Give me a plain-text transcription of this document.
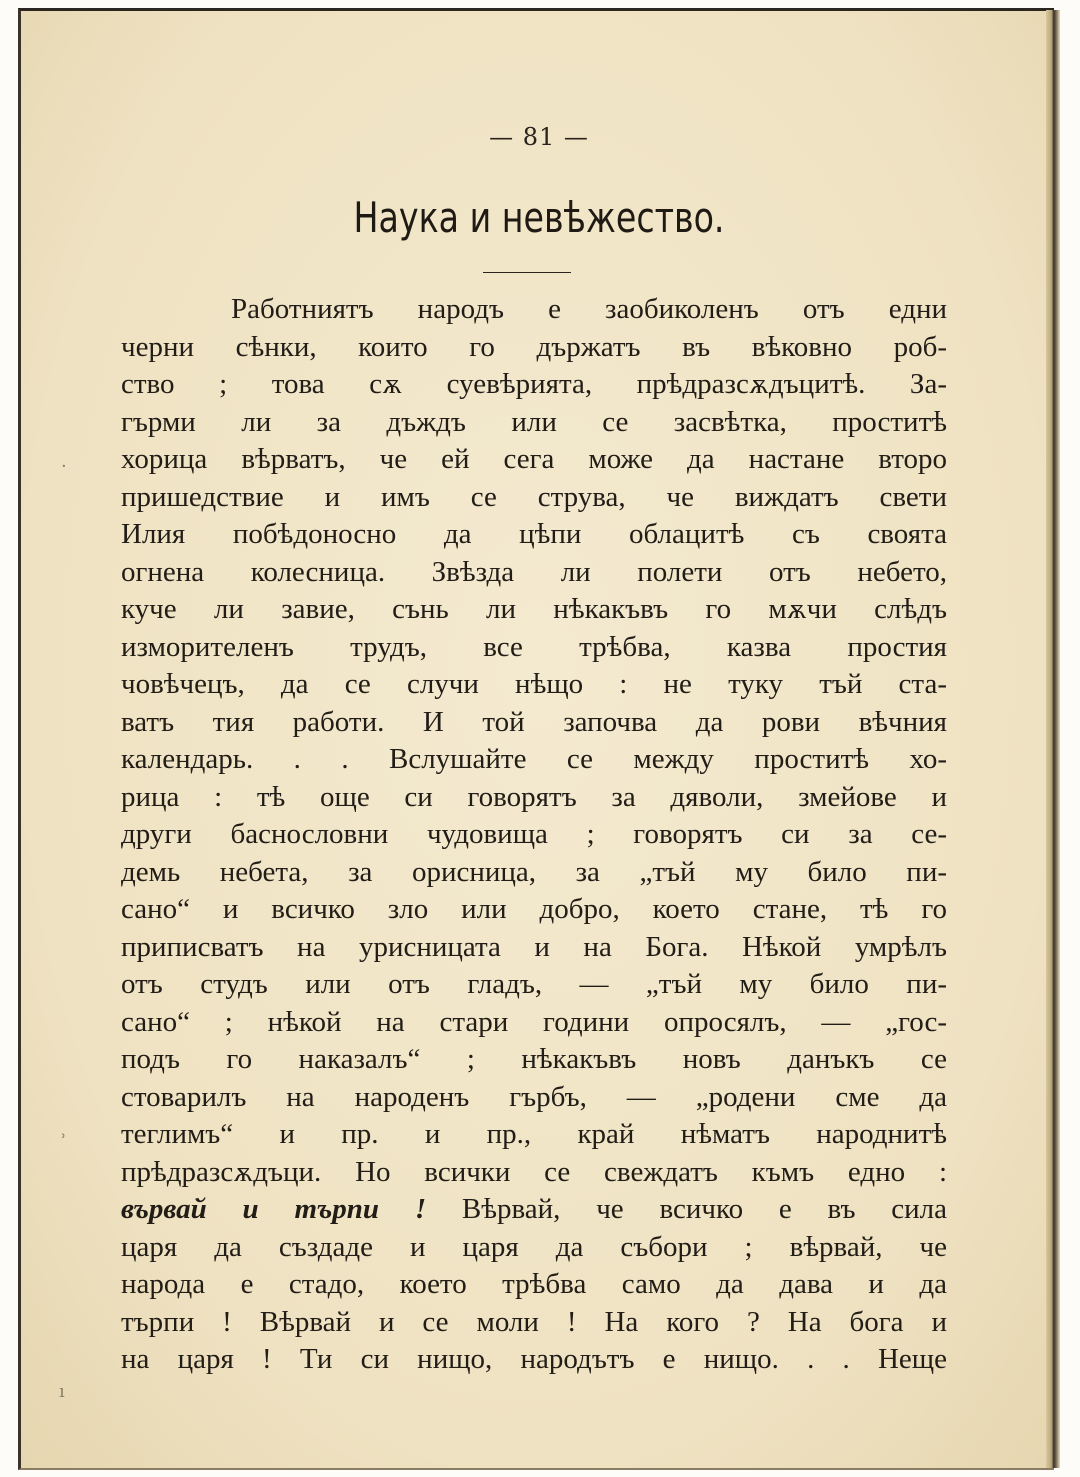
— 81 —
Наука и невѣжество.
Работниятъ народъ е заобиколенъ отъ едни
черни сѣнки, които го държатъ въ вѣковно роб-
ство ; това сѫ суевѣрията, прѣдразсѫдъцитѣ. За-
гърми ли за дъждъ или се засвѣтка, проститѣ
хорица вѣрватъ, че ей сега може да настане второ
пришедствие и имъ се струва, че виждатъ свети
Илия побѣдоносно да цѣпи облацитѣ съ своята
огнена колесница. Звѣзда ли полети отъ небето,
куче ли завие, сънь ли нѣкакъвъ го мѫчи слѣдъ
изморителенъ трудъ, все трѣбва, казва простия
човѣчецъ, да се случи нѣщо : не туку тъй ста-
ватъ тия работи. И той започва да рови вѣчния
календарь. . . Вслушайте се между проститѣ хо-
рица : тѣ още си говорятъ за дяволи, змейове и
други баснословни чудовища ; говорятъ си за се-
демь небета, за орисница, за „тъй му било пи-
сано“ и всичко зло или добро, което стане, тѣ го
приписватъ на урисницата и на Бога. Нѣкой умрѣлъ
отъ студъ или отъ гладъ, — „тъй му било пи-
сано“ ; нѣкой на стари години опросялъ, — „гос-
подъ го наказалъ“ ; нѣкакъвъ новъ данъкъ се
стоварилъ на народенъ гърбъ, — „родени сме да
теглимъ“ и пр. и пр., край нѣматъ народнитѣ
прѣдразсѫдъци. Но всички се свеждатъ къмъ едно :
вървай и търпи ! Вѣрвай, че всичко е въ сила
царя да създаде и царя да събори ; вѣрвай, че
народа е стадо, което трѣбва само да дава и да
търпи ! Вѣрвай и се моли ! На кого ? На бога и
на царя ! Ти си нищо, народътъ е нищо. . . Неще
·
ʾ
ı
